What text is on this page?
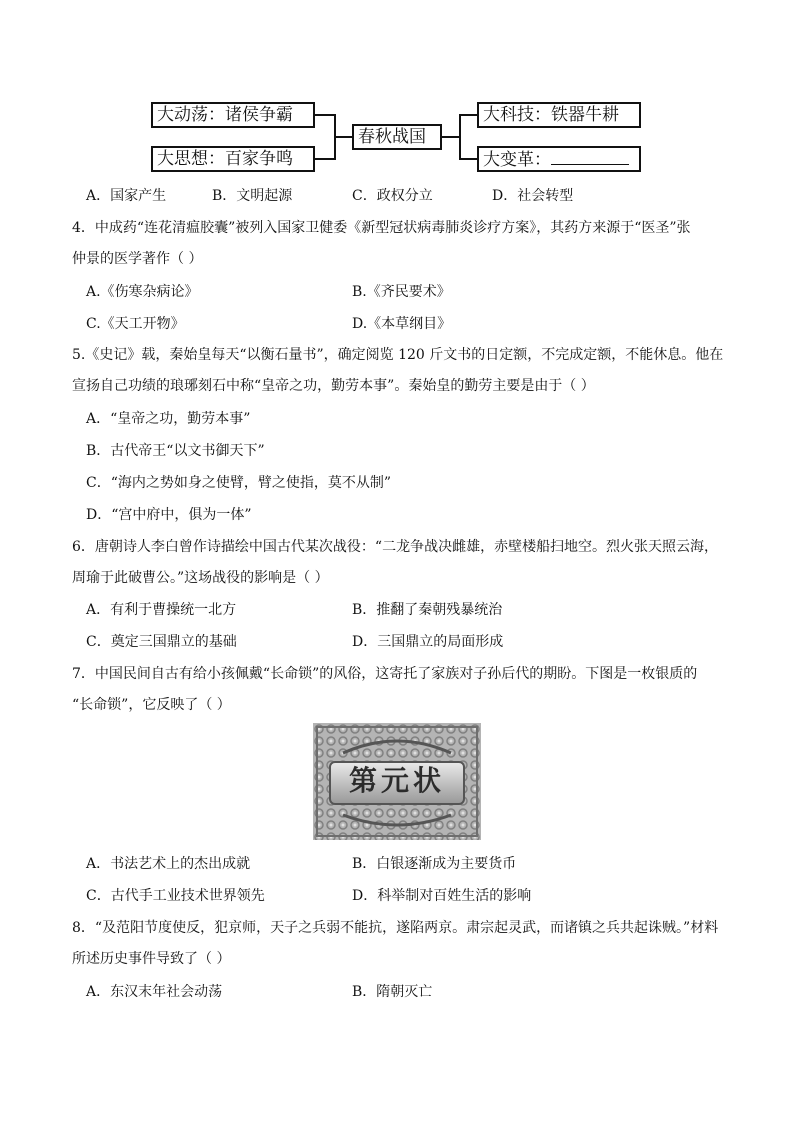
大动荡：诸侯争霸
大思想：百家争鸣
春秋战国
大科技：铁器牛耕
大变革：
A．国家产生	B．文明起源	C．政权分立	D．社会转型
4．中成药“连花清瘟胶囊”被列入国家卫健委《新型冠状病毒肺炎诊疗方案》，其药方来源于“医圣”张
仲景的医学著作（ ）
A.《伤寒杂病论》	B.《齐民要术》
C.《天工开物》	D.《本草纲目》
5.《史记》载，秦始皇每天“以衡石量书”，确定阅览 120 斤文书的日定额，不完成定额，不能休息。他在
宣扬自己功绩的琅琊刻石中称“皇帝之功，勤劳本事”。秦始皇的勤劳主要是由于（ ）
A．“皇帝之功，勤劳本事”
B．古代帝王“以文书御天下”
C．“海内之势如身之使臂，臂之使指，莫不从制”
D．“宫中府中，俱为一体”
6．唐朝诗人李白曾作诗描绘中国古代某次战役：“二龙争战决雌雄，赤壁楼船扫地空。烈火张天照云海，
周瑜于此破曹公。”这场战役的影响是（ ）
A．有利于曹操统一北方	B．推翻了秦朝残暴统治
C．奠定三国鼎立的基础	D．三国鼎立的局面形成
7．中国民间自古有给小孩佩戴“长命锁”的风俗，这寄托了家族对子孙后代的期盼。下图是一枚银质的
“长命锁”，它反映了（ ）
第元状
A．书法艺术上的杰出成就	B．白银逐渐成为主要货币
C．古代手工业技术世界领先	D．科举制对百姓生活的影响
8．“及范阳节度使反，犯京师，天子之兵弱不能抗，遂陷两京。肃宗起灵武，而诸镇之兵共起诛贼。”材料
所述历史事件导致了（ ）
A．东汉末年社会动荡	B．隋朝灭亡
